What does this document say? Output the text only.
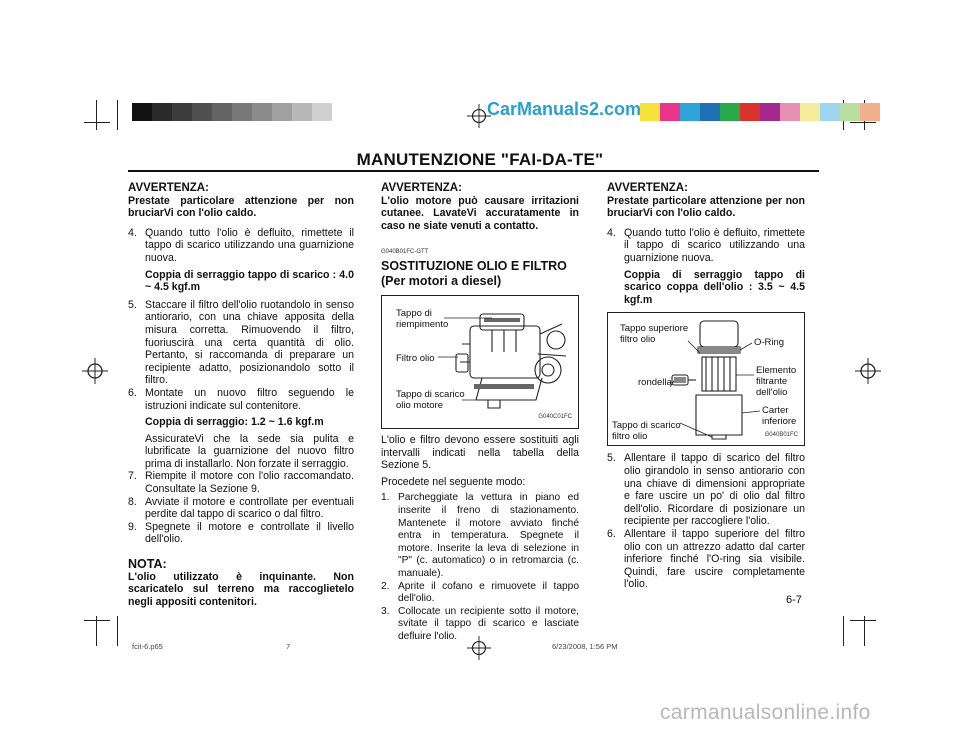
CarManuals2.com
MANUTENZIONE "FAI-DA-TE"

AVVERTENZA:

Prestate particolare attenzione per non bruciarVi con l'olio caldo.

4. Quando tutto l'olio è defluito, rimettete il tappo di scarico utilizzando una guarnizione nuova.

Coppia di serraggio tappo di scarico : 4.0 ~ 4.5 kgf.m

5. Staccare il filtro dell'olio ruotandolo in senso antiorario, con una chiave apposita della misura corretta. Rimuovendo il filtro, fuoriuscirà una certa quantità di olio. Pertanto, si raccomanda di preparare un recipiente adatto, posizionandolo sotto il filtro.

6. Montate un nuovo filtro seguendo le istruzioni indicate sul contenitore.

Coppia di serraggio: 1.2 ~ 1.6 kgf.m

AssicurateVi che la sede sia pulita e lubrificate la guarnizione del nuovo filtro prima di installarlo. Non forzate il serraggio.

7. Riempite il motore con l'olio raccomandato. Consultate la Sezione 9.

8. Avviate il motore e controllate per eventuali perdite dal tappo di scarico o dal filtro.

9. Spegnete il motore e controllate il livello dell'olio.

NOTA:

L'olio utilizzato è inquinante. Non scaricatelo sul terreno ma raccoglietelo negli appositi contenitori.

AVVERTENZA:

L'olio motore può causare irritazioni cutanee. LavateVi accuratamente in caso ne siate venuti a contatto.

G040B01FC-GTT

SOSTITUZIONE OLIO E FILTRO

(Per motori a diesel)

Tappo di riempimento
Filtro olio
Tappo di scarico olio motore
G040C01FC

L'olio e filtro devono essere sostituiti agli intervalli indicati nella tabella della Sezione 5.

Procedete nel seguente modo:

1. Parcheggiate la vettura in piano ed inserite il freno di stazionamento. Mantenete il motore avviato finché entra in temperatura. Spegnete il motore. Inserite la leva di selezione in "P" (c. automatico) o in retromarcia (c. manuale).

2. Aprite il cofano e rimuovete il tappo dell'olio.

3. Collocate un recipiente sotto il motore, svitate il tappo di scarico e lasciate defluire l'olio.

AVVERTENZA:

Prestate particolare attenzione per non bruciarVi con l'olio caldo.

4. Quando tutto l'olio è defluito, rimettete il tappo di scarico utilizzando una guarnizione nuova.

Coppia di serraggio tappo di scarico coppa dell'olio : 3.5 ~ 4.5 kgf.m

Tappo superiore filtro olio	O-Ring
Elemento filtrante dell'olio
rondella
Carter inferiore
Tappo di scarico filtro olio	G040B01FC

5. Allentare il tappo di scarico del filtro olio girandolo in senso antiorario con una chiave di dimensioni appropriate e fare uscire un po' di olio dal filtro dell'olio. Ricordare di posizionare un recipiente per raccogliere l'olio.

6. Allentare il tappo superiore del filtro olio con un attrezzo adatto dal carter inferiore finché l'O-ring sia visibile. Quindi, fare uscire completamente l'olio.

6-7
fcit-6.p65	7	6/23/2008, 1:56 PM
carmanualsonline.info
